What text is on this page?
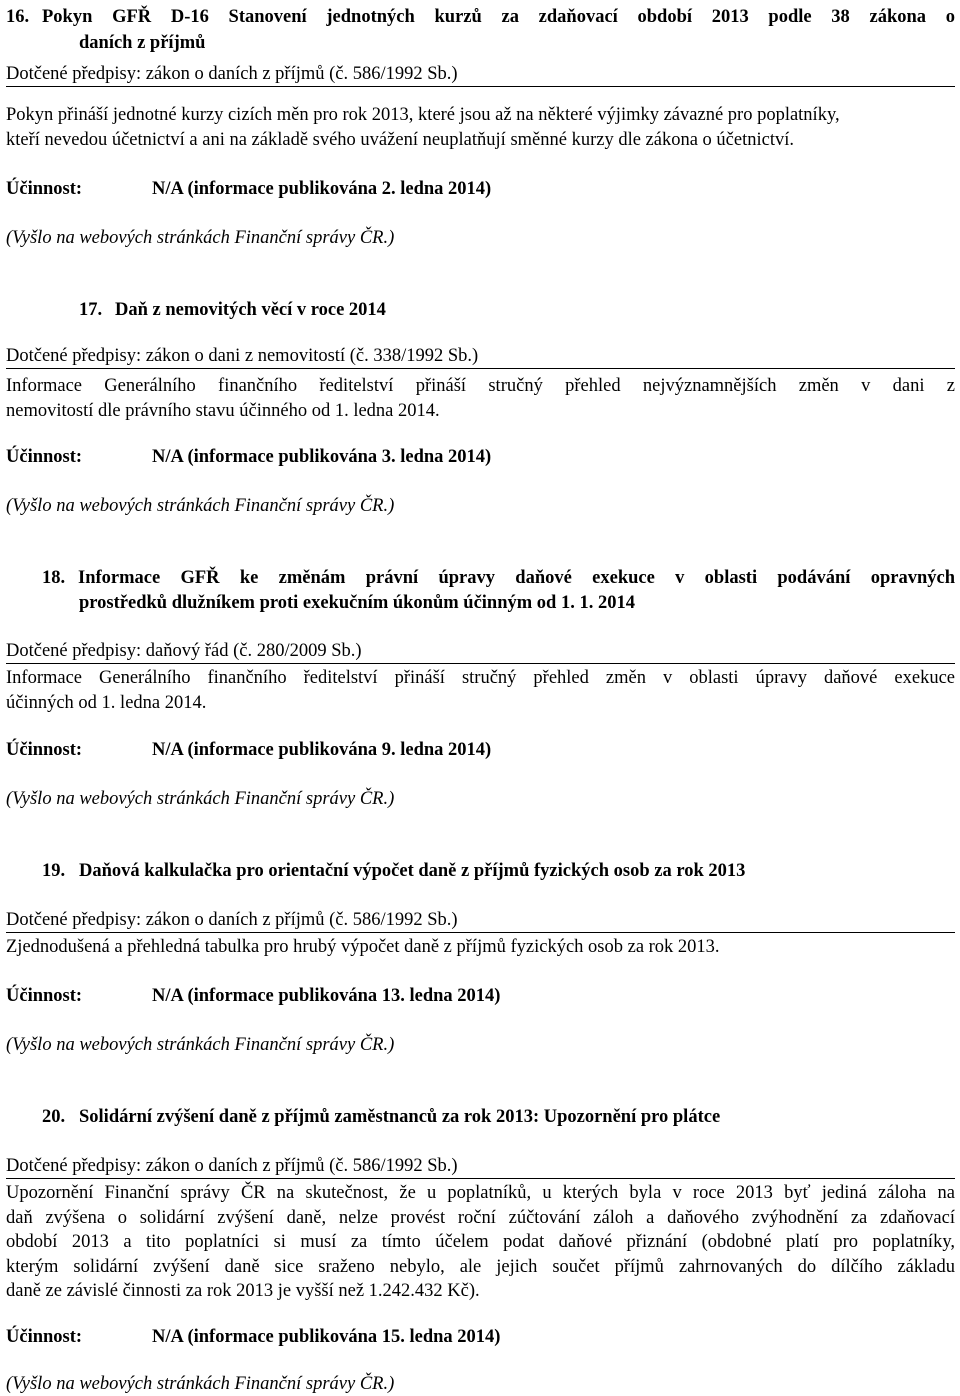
16. Pokyn GFŘ D-16 Stanovení jednotných kurzů za zdaňovací období 2013 podle 38 zákona o
daních z příjmů
Dotčené předpisy: zákon o daních z příjmů (č. 586/1992 Sb.)
Pokyn přináší jednotné kurzy cizích měn pro rok 2013, které jsou až na některé výjimky závazné pro poplatníky,
kteří nevedou účetnictví a ani na základě svého uvážení neuplatňují směnné kurzy dle zákona o účetnictví.
Účinnost:	N/A (informace publikována 2. ledna 2014)
(Vyšlo na webových stránkách Finanční správy ČR.)
17. Daň z nemovitých věcí v roce 2014
Dotčené předpisy: zákon o dani z nemovitostí (č. 338/1992 Sb.)
Informace Generálního finančního ředitelství přináší stručný přehled nejvýznamnějších změn v dani z
nemovitostí dle právního stavu účinného od 1. ledna 2014.
Účinnost:	N/A (informace publikována 3. ledna 2014)
(Vyšlo na webových stránkách Finanční správy ČR.)
18. Informace GFŘ ke změnám právní úpravy daňové exekuce v oblasti podávání opravných
prostředků dlužníkem proti exekučním úkonům účinným od 1. 1. 2014
Dotčené předpisy: daňový řád (č. 280/2009 Sb.)
Informace Generálního finančního ředitelství přináší stručný přehled změn v oblasti úpravy daňové exekuce
účinných od 1. ledna 2014.
Účinnost:	N/A (informace publikována 9. ledna 2014)
(Vyšlo na webových stránkách Finanční správy ČR.)
19. Daňová kalkulačka pro orientační výpočet daně z příjmů fyzických osob za rok 2013
Dotčené předpisy: zákon o daních z příjmů (č. 586/1992 Sb.)
Zjednodušená a přehledná tabulka pro hrubý výpočet daně z příjmů fyzických osob za rok 2013.
Účinnost:	N/A (informace publikována 13. ledna 2014)
(Vyšlo na webových stránkách Finanční správy ČR.)
20. Solidární zvýšení daně z příjmů zaměstnanců za rok 2013: Upozornění pro plátce
Dotčené předpisy: zákon o daních z příjmů (č. 586/1992 Sb.)
Upozornění Finanční správy ČR na skutečnost, že u poplatníků, u kterých byla v roce 2013 byť jediná záloha na
daň zvýšena o solidární zvýšení daně, nelze provést roční zúčtování záloh a daňového zvýhodnění za zdaňovací
období 2013 a tito poplatníci si musí za tímto účelem podat daňové přiznání (obdobné platí pro poplatníky,
kterým solidární zvýšení daně sice sraženo nebylo, ale jejich součet příjmů zahrnovaných do dílčího základu
daně ze závislé činnosti za rok 2013 je vyšší než 1.242.432 Kč).
Účinnost:	N/A (informace publikována 15. ledna 2014)
(Vyšlo na webových stránkách Finanční správy ČR.)
